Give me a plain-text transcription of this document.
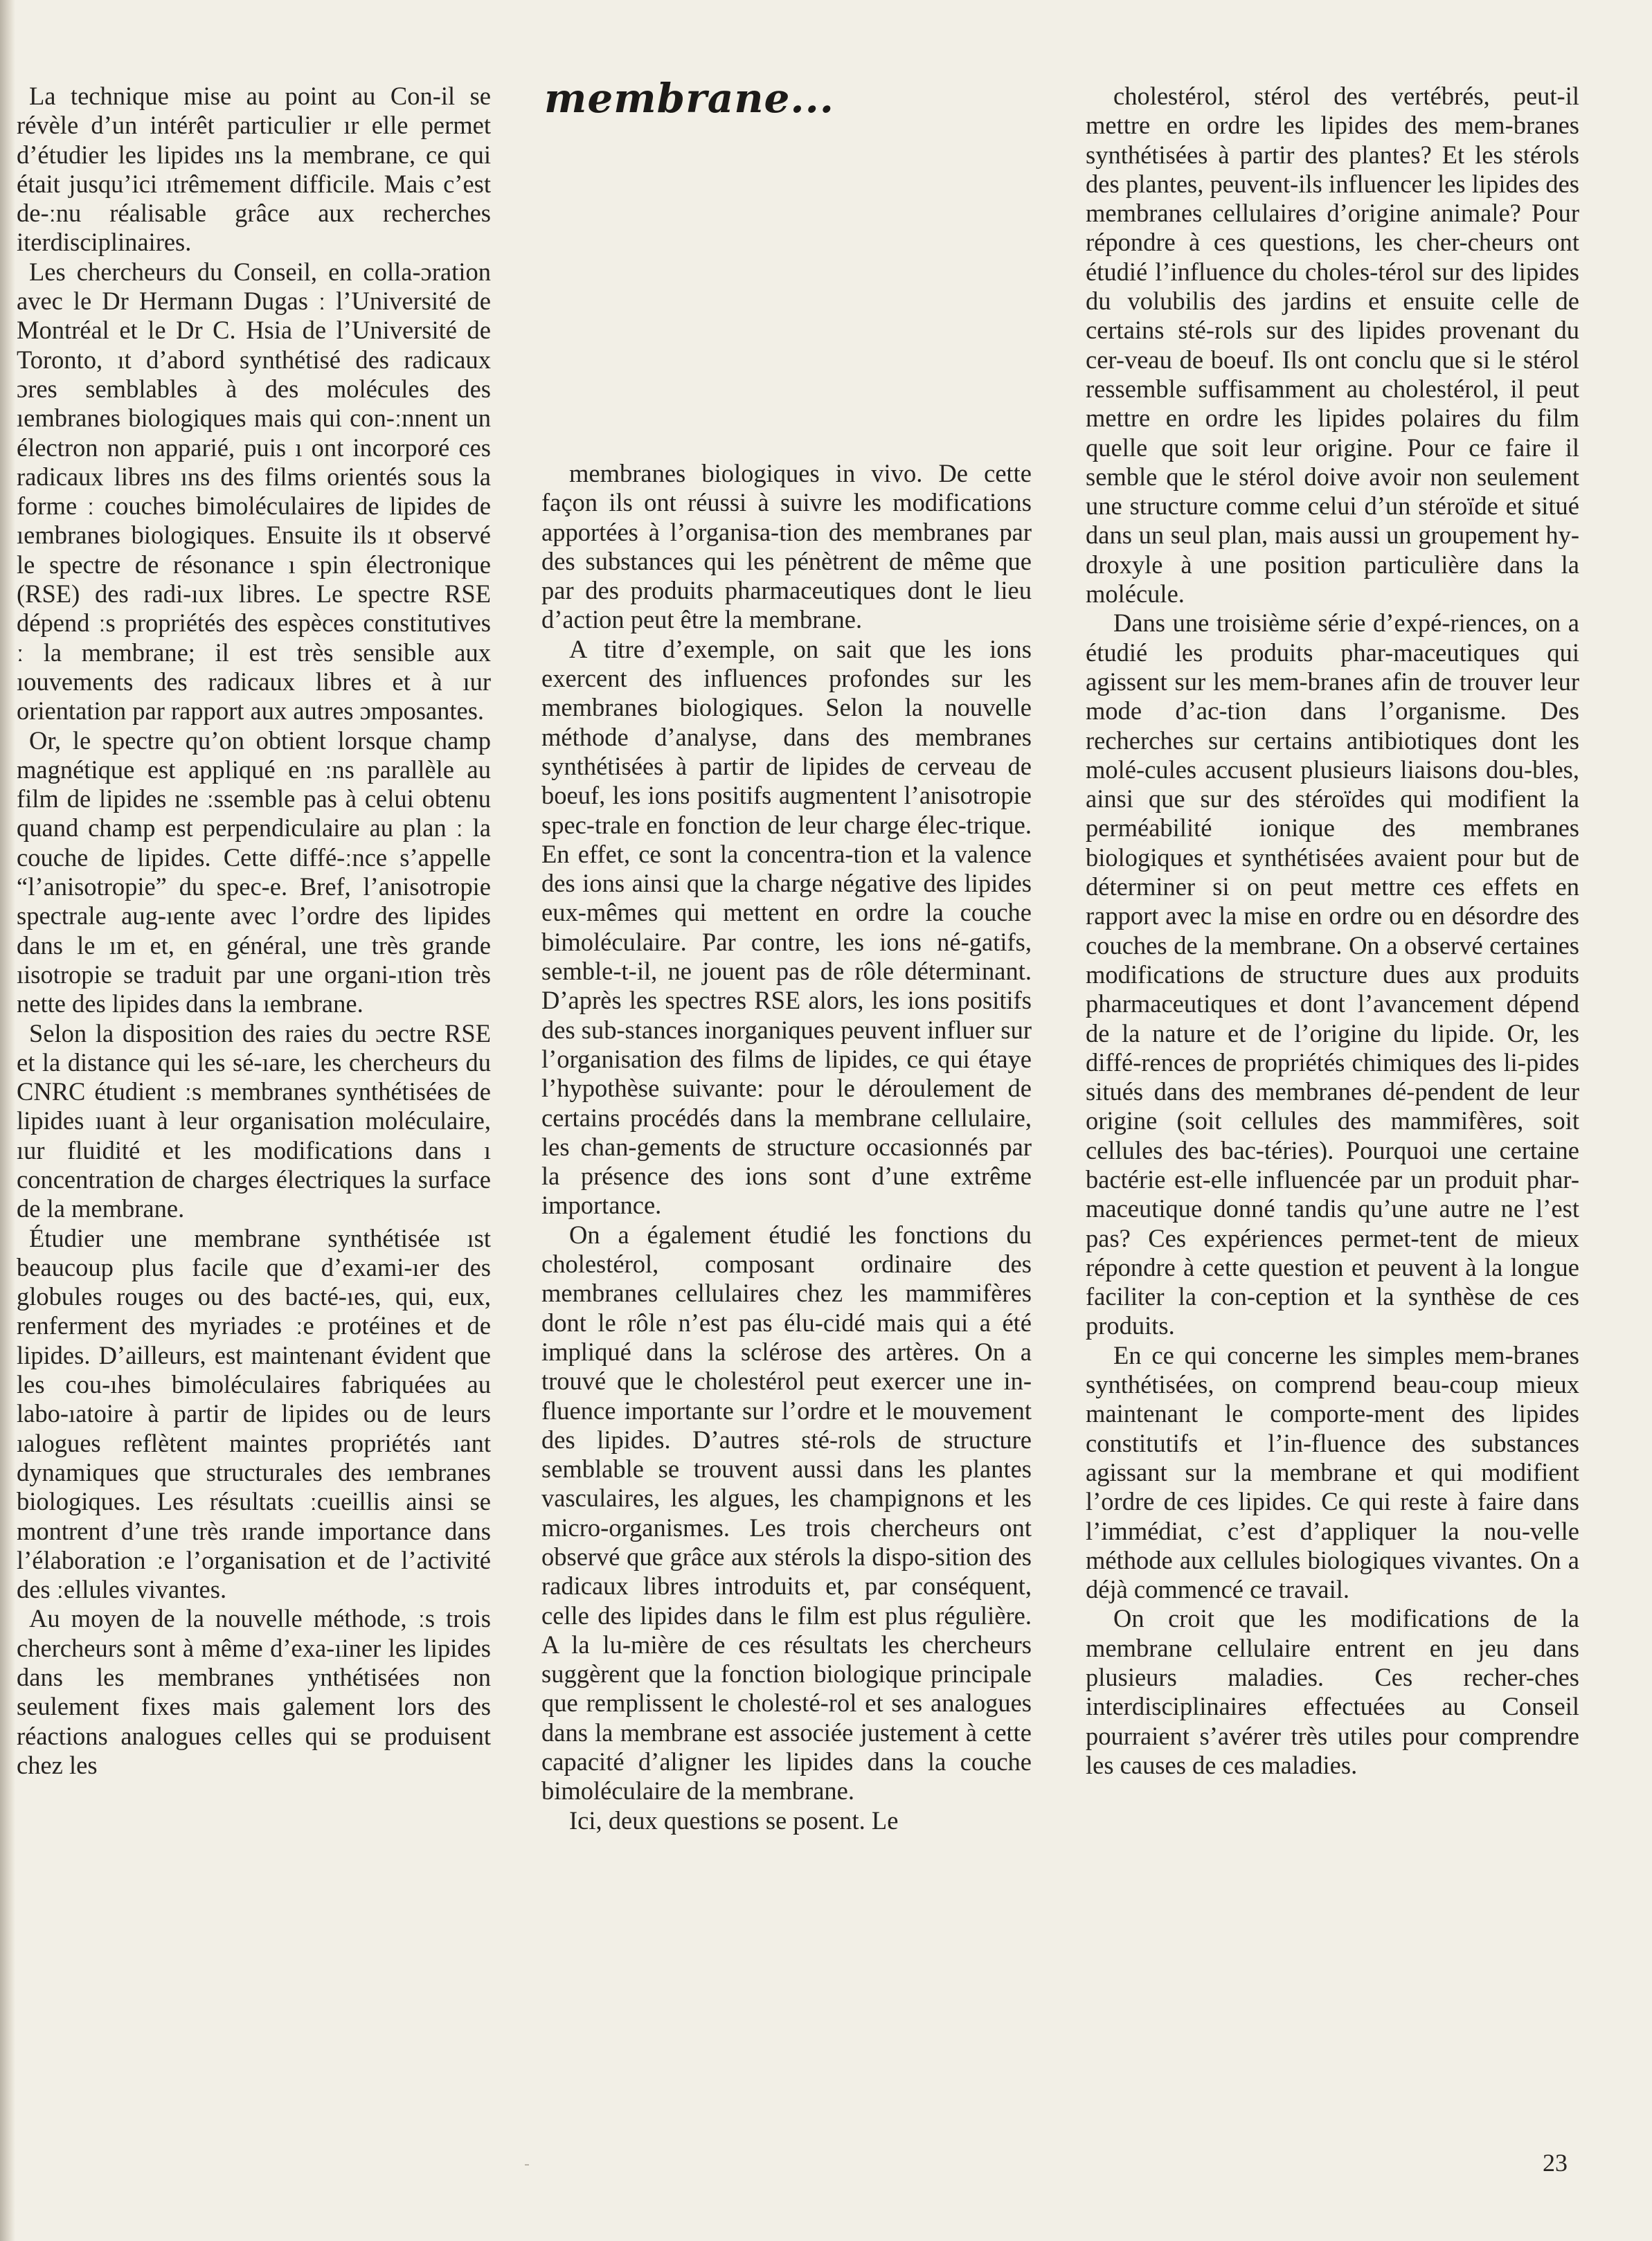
membrane...

La technique mise au point au Con-il se révèle d’un intérêt particulier ır elle permet d’étudier les lipides ıns la membrane, ce qui était jusqu’ici ıtrêmement difficile. Mais c’est de-ːnu réalisable grâce aux recherches iterdisciplinaires.

Les chercheurs du Conseil, en colla-ɔration avec le Dr Hermann Dugas ː l’Université de Montréal et le Dr C. Hsia de l’Université de Toronto, ıt d’abord synthétisé des radicaux ɔres semblables à des molécules des ıembranes biologiques mais qui con-ːnnent un électron non apparié, puis ı ont incorporé ces radicaux libres ıns des films orientés sous la forme ː couches bimoléculaires de lipides de ıembranes biologiques. Ensuite ils ıt observé le spectre de résonance ı spin électronique (RSE) des radi-ıux libres. Le spectre RSE dépend ːs propriétés des espèces constitutives ː la membrane; il est très sensible aux ıouvements des radicaux libres et à ıur orientation par rapport aux autres ɔmposantes.

Or, le spectre qu’on obtient lorsque champ magnétique est appliqué en ːns parallèle au film de lipides ne ːssemble pas à celui obtenu quand champ est perpendiculaire au plan ː la couche de lipides. Cette diffé-ːnce s’appelle “l’anisotropie” du spec-e. Bref, l’anisotropie spectrale aug-ıente avec l’ordre des lipides dans le ım et, en général, une très grande ıisotropie se traduit par une organi-ıtion très nette des lipides dans la ıembrane.

Selon la disposition des raies du ɔectre RSE et la distance qui les sé-ıare, les chercheurs du CNRC étudient ːs membranes synthétisées de lipides ıuant à leur organisation moléculaire, ıur fluidité et les modifications dans ı concentration de charges électriques la surface de la membrane.

Étudier une membrane synthétisée ıst beaucoup plus facile que d’exami-ıer des globules rouges ou des bacté-ıes, qui, eux, renferment des myriades ːe protéines et de lipides. D’ailleurs, est maintenant évident que les cou-ıhes bimoléculaires fabriquées au labo-ıatoire à partir de lipides ou de leurs ıalogues reflètent maintes propriétés ıant dynamiques que structurales des ıembranes biologiques. Les résultats ːcueillis ainsi se montrent d’une très ırande importance dans l’élaboration ːe l’organisation et de l’activité des ːellules vivantes.

Au moyen de la nouvelle méthode, ːs trois chercheurs sont à même d’exa-ıiner les lipides dans les membranes ynthétisées non seulement fixes mais galement lors des réactions analogues celles qui se produisent chez les

membranes biologiques in vivo. De cette façon ils ont réussi à suivre les modifications apportées à l’organisa-tion des membranes par des substances qui les pénètrent de même que par des produits pharmaceutiques dont le lieu d’action peut être la membrane.

A titre d’exemple, on sait que les ions exercent des influences profondes sur les membranes biologiques. Selon la nouvelle méthode d’analyse, dans des membranes synthétisées à partir de lipides de cerveau de boeuf, les ions positifs augmentent l’anisotropie spec-trale en fonction de leur charge élec-trique. En effet, ce sont la concentra-tion et la valence des ions ainsi que la charge négative des lipides eux-mêmes qui mettent en ordre la couche bimoléculaire. Par contre, les ions né-gatifs, semble-t-il, ne jouent pas de rôle déterminant. D’après les spectres RSE alors, les ions positifs des sub-stances inorganiques peuvent influer sur l’organisation des films de lipides, ce qui étaye l’hypothèse suivante: pour le déroulement de certains procédés dans la membrane cellulaire, les chan-gements de structure occasionnés par la présence des ions sont d’une extrême importance.

On a également étudié les fonctions du cholestérol, composant ordinaire des membranes cellulaires chez les mammifères dont le rôle n’est pas élu-cidé mais qui a été impliqué dans la sclérose des artères. On a trouvé que le cholestérol peut exercer une in-fluence importante sur l’ordre et le mouvement des lipides. D’autres sté-rols de structure semblable se trouvent aussi dans les plantes vasculaires, les algues, les champignons et les micro-organismes. Les trois chercheurs ont observé que grâce aux stérols la dispo-sition des radicaux libres introduits et, par conséquent, celle des lipides dans le film est plus régulière. A la lu-mière de ces résultats les chercheurs suggèrent que la fonction biologique principale que remplissent le cholesté-rol et ses analogues dans la membrane est associée justement à cette capacité d’aligner les lipides dans la couche bimoléculaire de la membrane.

Ici, deux questions se posent. Le

cholestérol, stérol des vertébrés, peut-il mettre en ordre les lipides des mem-branes synthétisées à partir des plantes? Et les stérols des plantes, peuvent-ils influencer les lipides des membranes cellulaires d’origine animale? Pour répondre à ces questions, les cher-cheurs ont étudié l’influence du choles-térol sur des lipides du volubilis des jardins et ensuite celle de certains sté-rols sur des lipides provenant du cer-veau de boeuf. Ils ont conclu que si le stérol ressemble suffisamment au cholestérol, il peut mettre en ordre les lipides polaires du film quelle que soit leur origine. Pour ce faire il semble que le stérol doive avoir non seulement une structure comme celui d’un stéroïde et situé dans un seul plan, mais aussi un groupement hy-droxyle à une position particulière dans la molécule.

Dans une troisième série d’expé-riences, on a étudié les produits phar-maceutiques qui agissent sur les mem-branes afin de trouver leur mode d’ac-tion dans l’organisme. Des recherches sur certains antibiotiques dont les molé-cules accusent plusieurs liaisons dou-bles, ainsi que sur des stéroïdes qui modifient la perméabilité ionique des membranes biologiques et synthétisées avaient pour but de déterminer si on peut mettre ces effets en rapport avec la mise en ordre ou en désordre des couches de la membrane. On a observé certaines modifications de structure dues aux produits pharmaceutiques et dont l’avancement dépend de la nature et de l’origine du lipide. Or, les diffé-rences de propriétés chimiques des li-pides situés dans des membranes dé-pendent de leur origine (soit cellules des mammifères, soit cellules des bac-téries). Pourquoi une certaine bactérie est-elle influencée par un produit phar-maceutique donné tandis qu’une autre ne l’est pas? Ces expériences permet-tent de mieux répondre à cette question et peuvent à la longue faciliter la con-ception et la synthèse de ces produits.

En ce qui concerne les simples mem-branes synthétisées, on comprend beau-coup mieux maintenant le comporte-ment des lipides constitutifs et l’in-fluence des substances agissant sur la membrane et qui modifient l’ordre de ces lipides. Ce qui reste à faire dans l’immédiat, c’est d’appliquer la nou-velle méthode aux cellules biologiques vivantes. On a déjà commencé ce travail.

On croit que les modifications de la membrane cellulaire entrent en jeu dans plusieurs maladies. Ces recher-ches interdisciplinaires effectuées au Conseil pourraient s’avérer très utiles pour comprendre les causes de ces maladies.

23
